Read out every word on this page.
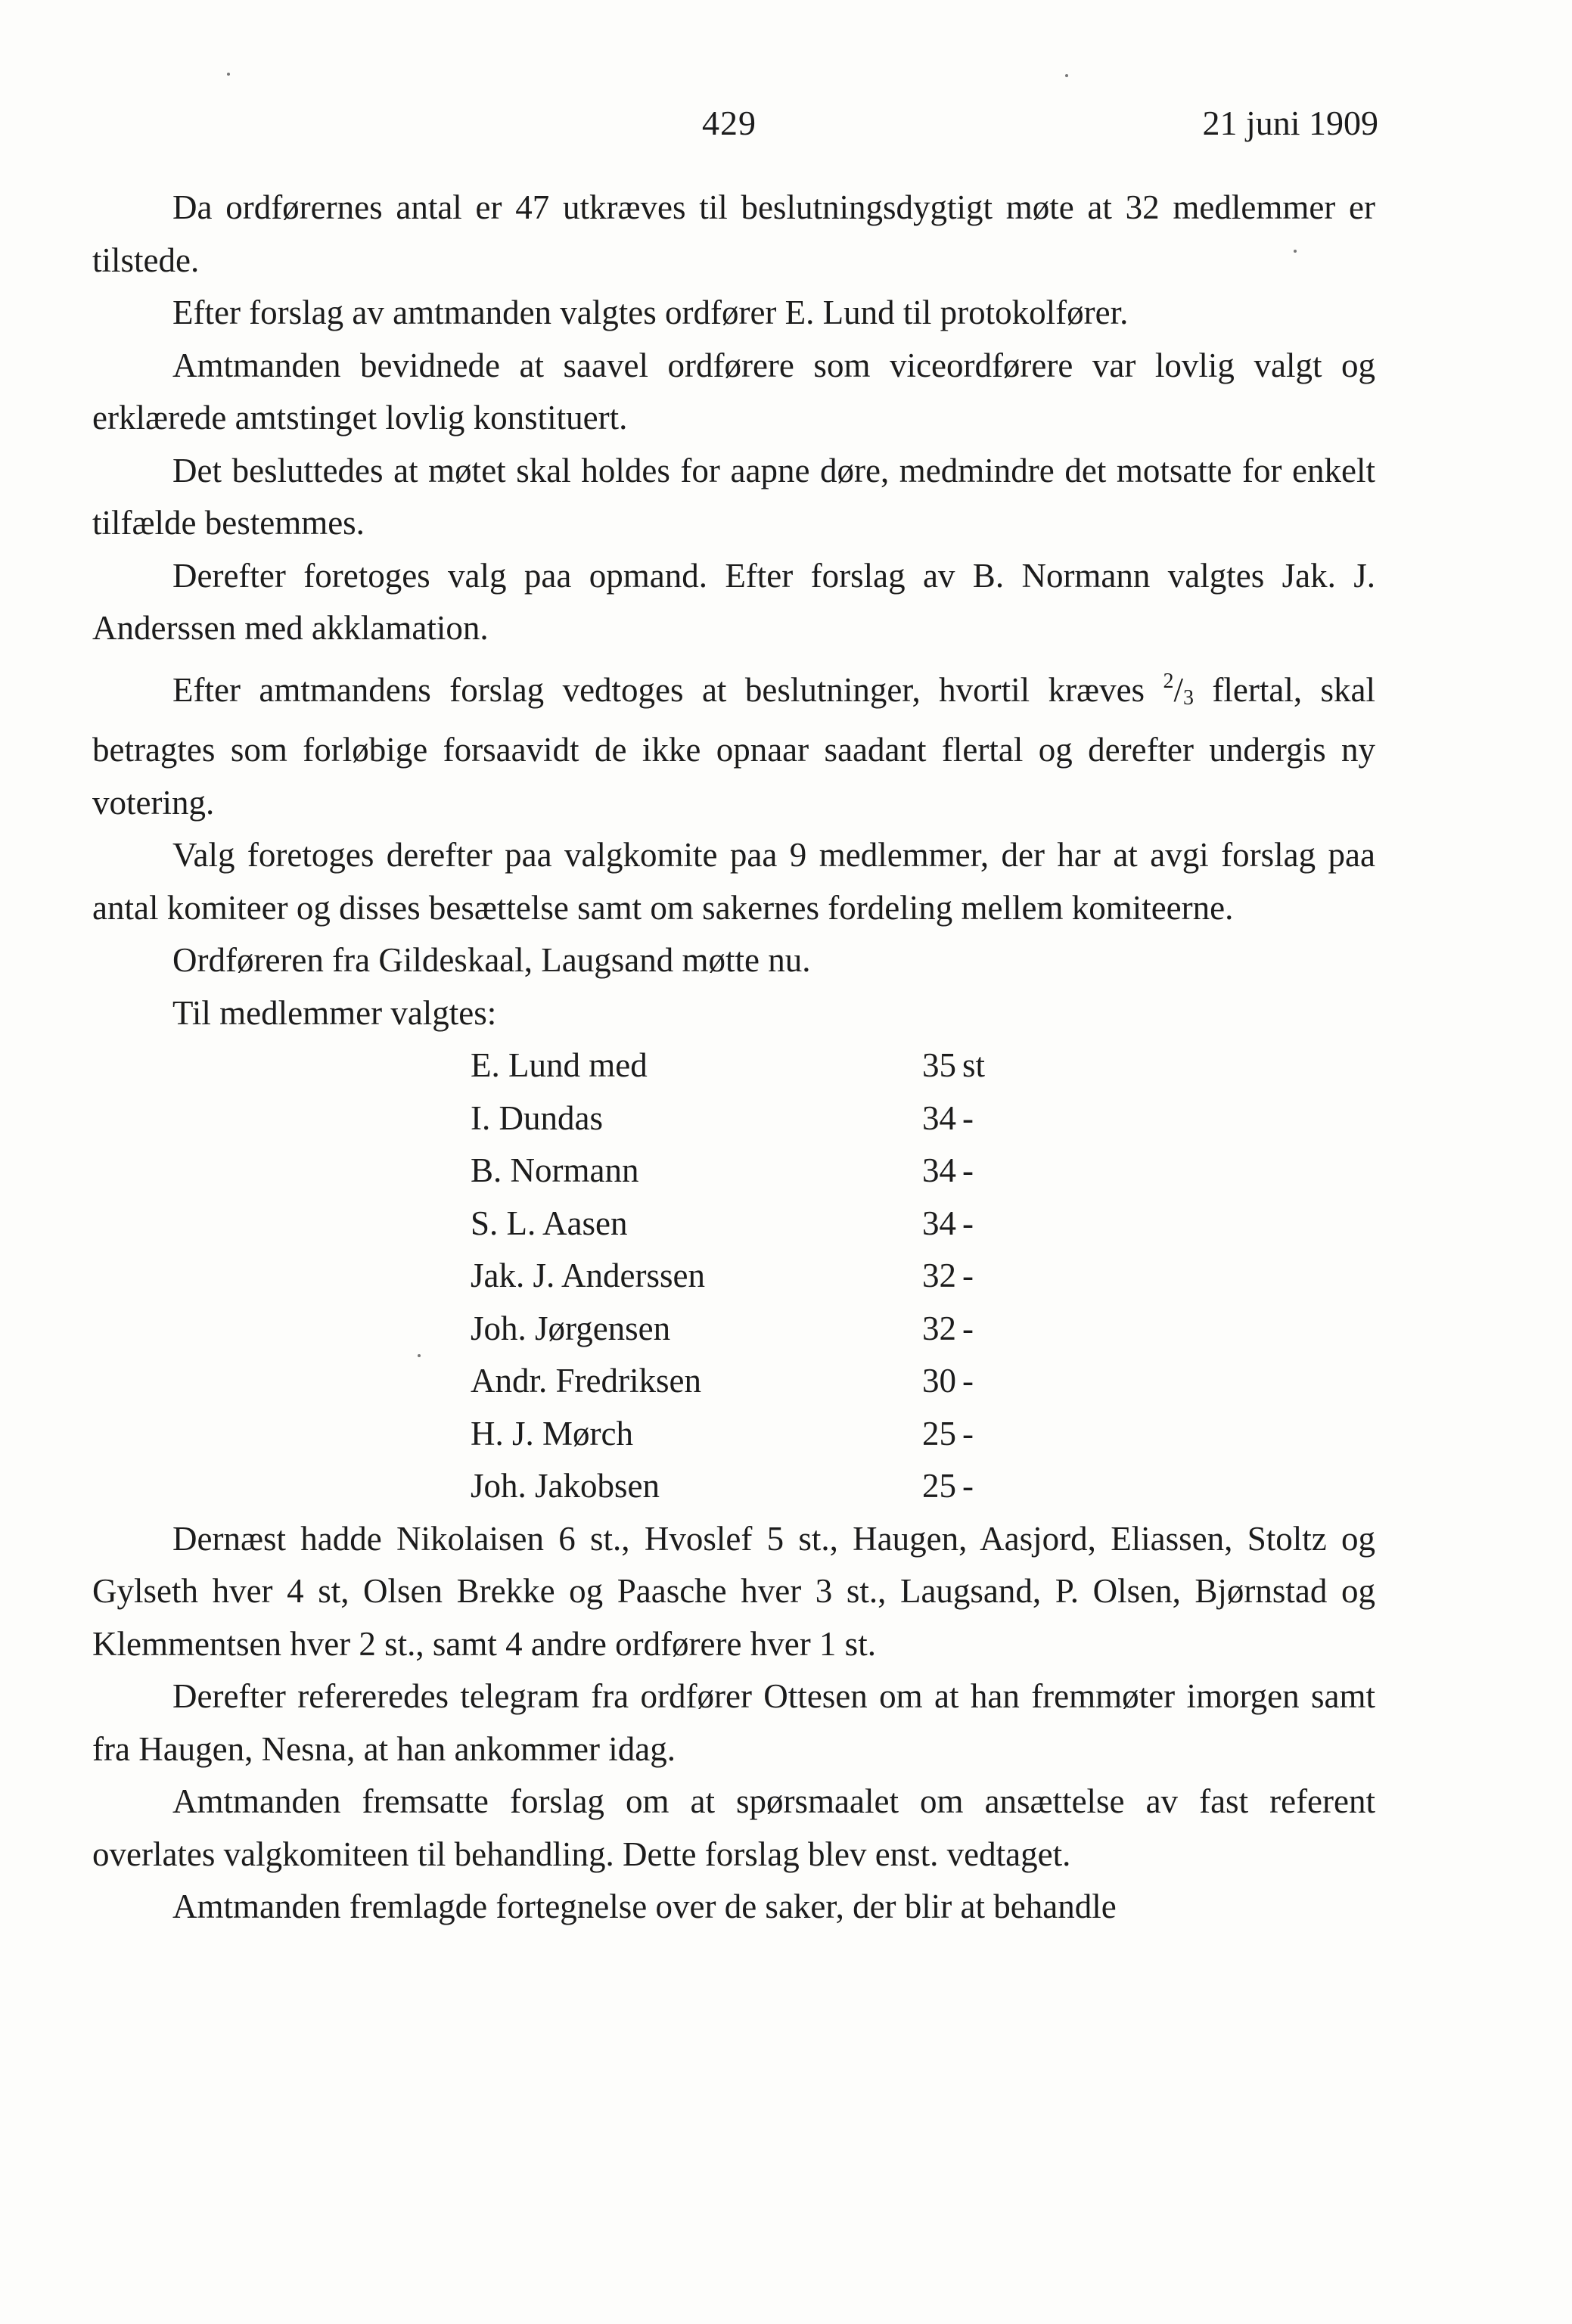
429	21 juni 1909

Da ordførernes antal er 47 utkræves til beslutningsdygtigt møte at 32 medlemmer er tilstede.

Efter forslag av amtmanden valgtes ordfører E. Lund til protokolfører.

Amtmanden bevidnede at saavel ordførere som viceordførere var lovlig valgt og erklærede amtstinget lovlig konstituert.

Det besluttedes at møtet skal holdes for aapne døre, medmindre det motsatte for enkelt tilfælde bestemmes.

Derefter foretoges valg paa opmand. Efter forslag av B. Normann valgtes Jak. J. Anderssen med akklamation.

Efter amtmandens forslag vedtoges at beslutninger, hvortil kræves $^2/_3$ flertal, skal betragtes som forløbige forsaavidt de ikke opnaar saadant flertal og derefter undergis ny votering.

Valg foretoges derefter paa valgkomite paa 9 medlemmer, der har at avgi forslag paa antal komiteer og disses besættelse samt om sakernes fordeling mellem komiteerne.

Ordføreren fra Gildeskaal, Laugsand møtte nu.

Til medlemmer valgtes:

E. Lund med	35 st
I. Dundas	34 -
B. Normann	34 -
S. L. Aasen	34 -
Jak. J. Anderssen	32 -
Joh. Jørgensen	32 -
Andr. Fredriksen	30 -
H. J. Mørch	25 -
Joh. Jakobsen	25 -

Dernæst hadde Nikolaisen 6 st., Hvoslef 5 st., Haugen, Aasjord, Eliassen, Stoltz og Gylseth hver 4 st, Olsen Brekke og Paasche hver 3 st., Laugsand, P. Olsen, Bjørnstad og Klemmentsen hver 2 st., samt 4 andre ordførere hver 1 st.

Derefter refereredes telegram fra ordfører Ottesen om at han fremmøter imorgen samt fra Haugen, Nesna, at han ankommer idag.

Amtmanden fremsatte forslag om at spørsmaalet om ansættelse av fast referent overlates valgkomiteen til behandling. Dette forslag blev enst. vedtaget.

Amtmanden fremlagde fortegnelse over de saker, der blir at behandle
